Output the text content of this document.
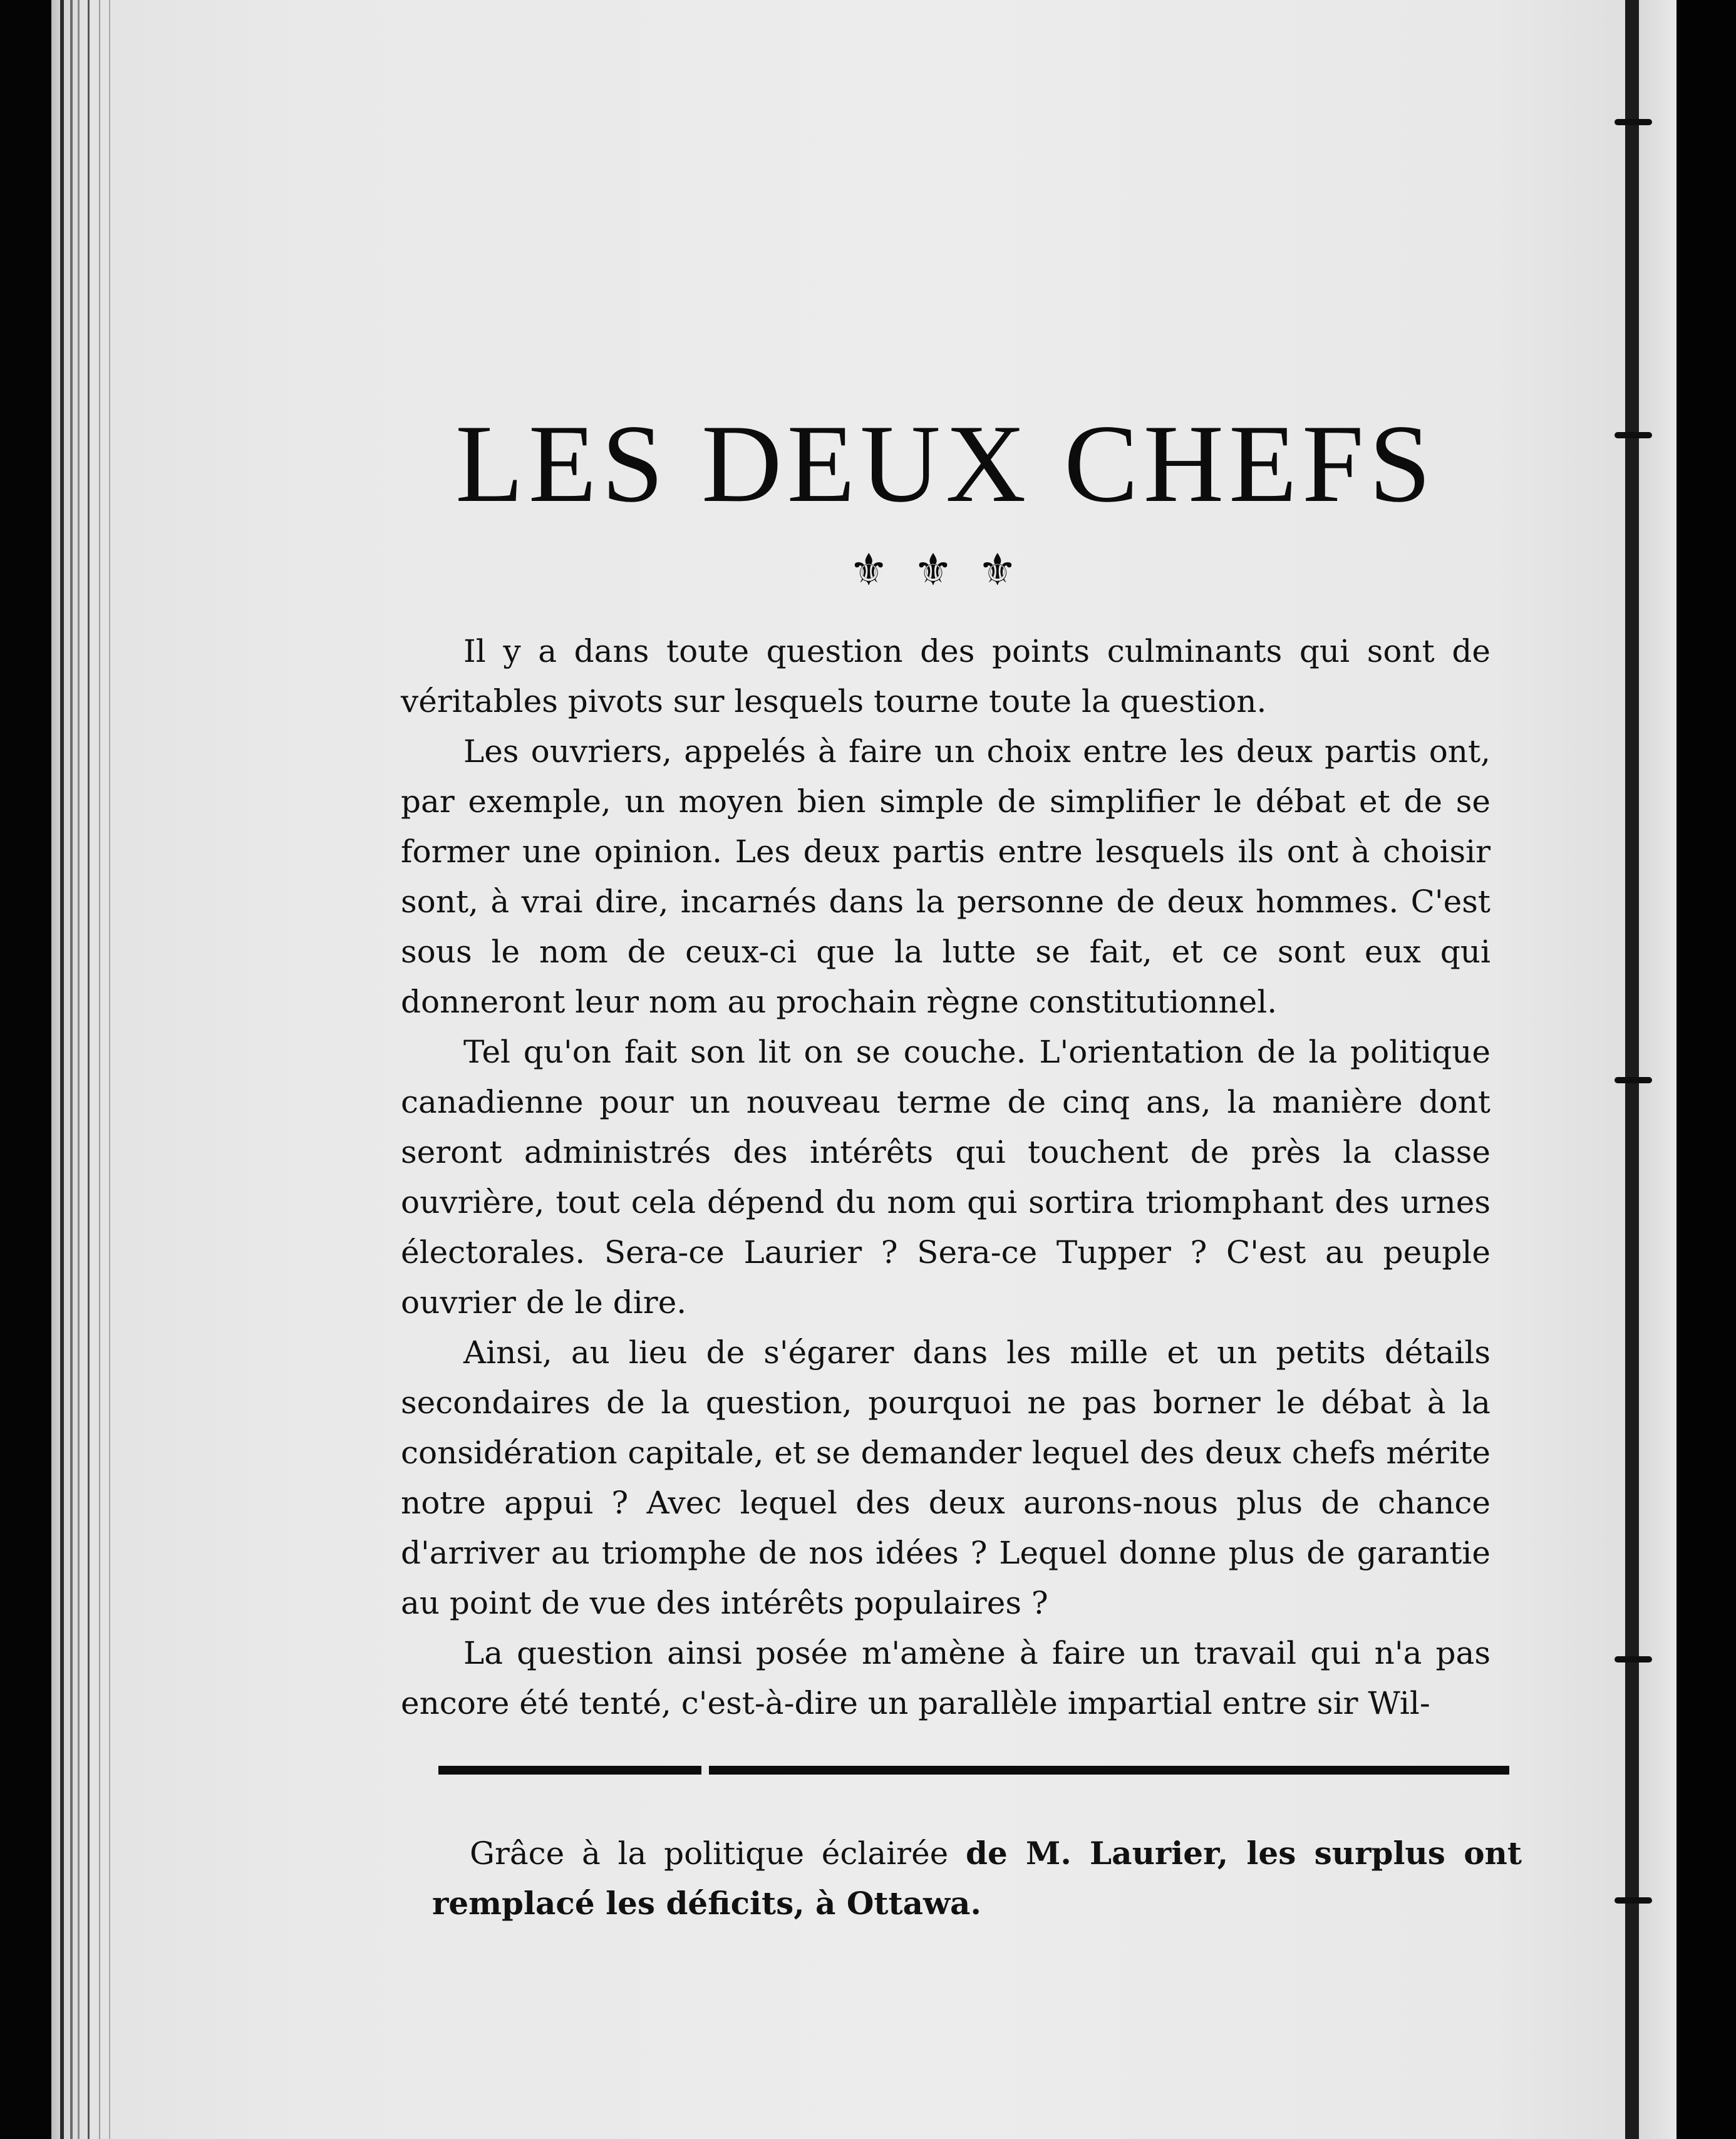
LES DEUX CHEFS
⚜⚜⚜

Il y a dans toute question des points culminants qui sont de véritables pivots sur lesquels tourne toute la question.

Les ouvriers, appelés à faire un choix entre les deux partis ont, par exemple, un moyen bien simple de simplifier le débat et de se former une opinion. Les deux partis entre lesquels ils ont à choisir sont, à vrai dire, incarnés dans la personne de deux hommes. C'est sous le nom de ceux-ci que la lutte se fait, et ce sont eux qui donneront leur nom au prochain règne constitutionnel.

Tel qu'on fait son lit on se couche. L'orientation de la politique canadienne pour un nouveau terme de cinq ans, la manière dont seront administrés des intérêts qui touchent de près la classe ouvrière, tout cela dépend du nom qui sortira triomphant des urnes électorales. Sera-ce Laurier ? Sera-ce Tupper ? C'est au peuple ouvrier de le dire.

Ainsi, au lieu de s'égarer dans les mille et un petits détails secondaires de la question, pourquoi ne pas borner le débat à la considération capitale, et se demander lequel des deux chefs mérite notre appui ? Avec lequel des deux aurons-nous plus de chance d'arriver au triomphe de nos idées ? Lequel donne plus de garantie au point de vue des intérêts populaires ?

La question ainsi posée m'amène à faire un travail qui n'a pas encore été tenté, c'est-à-dire un parallèle impartial entre sir Wil-

Grâce à la politique éclairée de M. Laurier, les surplus ont remplacé les déficits, à Ottawa.
